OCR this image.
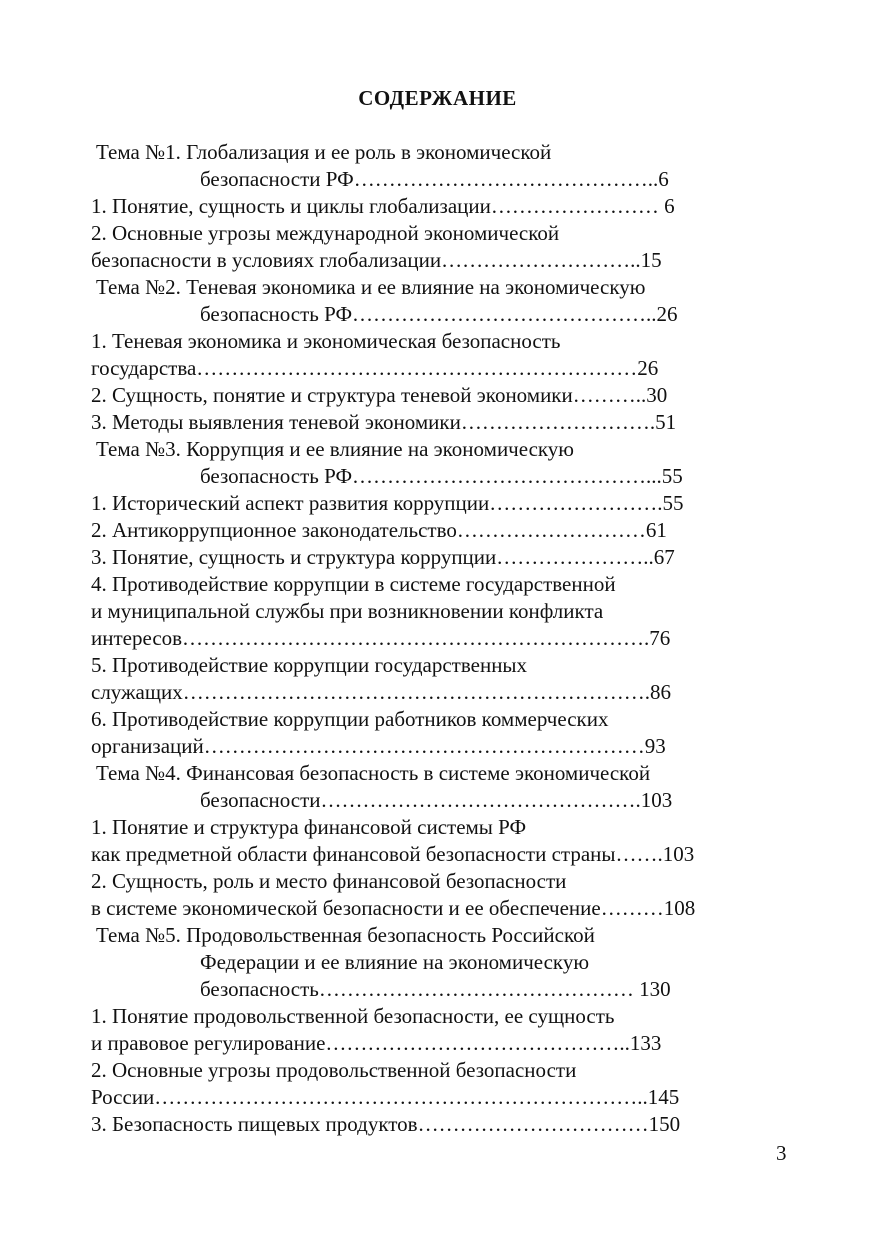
СОДЕРЖАНИЕ
Тема №1. Глобализация и ее роль в экономической
безопасности РФ……………………………………..6
1. Понятие, сущность и циклы глобализации…………………… 6
2. Основные угрозы международной экономической
безопасности в условиях глобализации………………………..15
Тема №2. Теневая экономика и ее влияние на экономическую
безопасность РФ……………………………………..26
1. Теневая экономика и экономическая безопасность
государства………………………………………………………26
2. Сущность, понятие и структура теневой экономики………..30
3. Методы выявления теневой экономики……………………….51
Тема №3. Коррупция и ее влияние на экономическую
безопасность РФ……………………………………...55
1. Исторический аспект развития коррупции…………………….55
2. Антикоррупционное законодательство………………………61
3. Понятие, сущность и структура коррупции…………………..67
4. Противодействие коррупции в системе государственной
и муниципальной службы при возникновении конфликта
интересов………………………………………………………….76
5. Противодействие коррупции государственных
служащих………………………………………………………….86
6. Противодействие коррупции работников коммерческих
организаций………………………………………………………93
Тема №4. Финансовая безопасность в системе экономической
безопасности……………………………………….103
1. Понятие и структура финансовой системы РФ
как предметной области финансовой безопасности страны…….103
2. Сущность, роль и место финансовой безопасности
в системе экономической безопасности и ее обеспечение………108
Тема №5. Продовольственная безопасность Российской
Федерации и ее влияние на экономическую
безопасность……………………………………… 130
1. Понятие продовольственной безопасности, ее сущность
и правовое регулирование……………………………………..133
2. Основные угрозы продовольственной безопасности
России……………………………………………………………..145
3. Безопасность пищевых продуктов……………………………150
3
